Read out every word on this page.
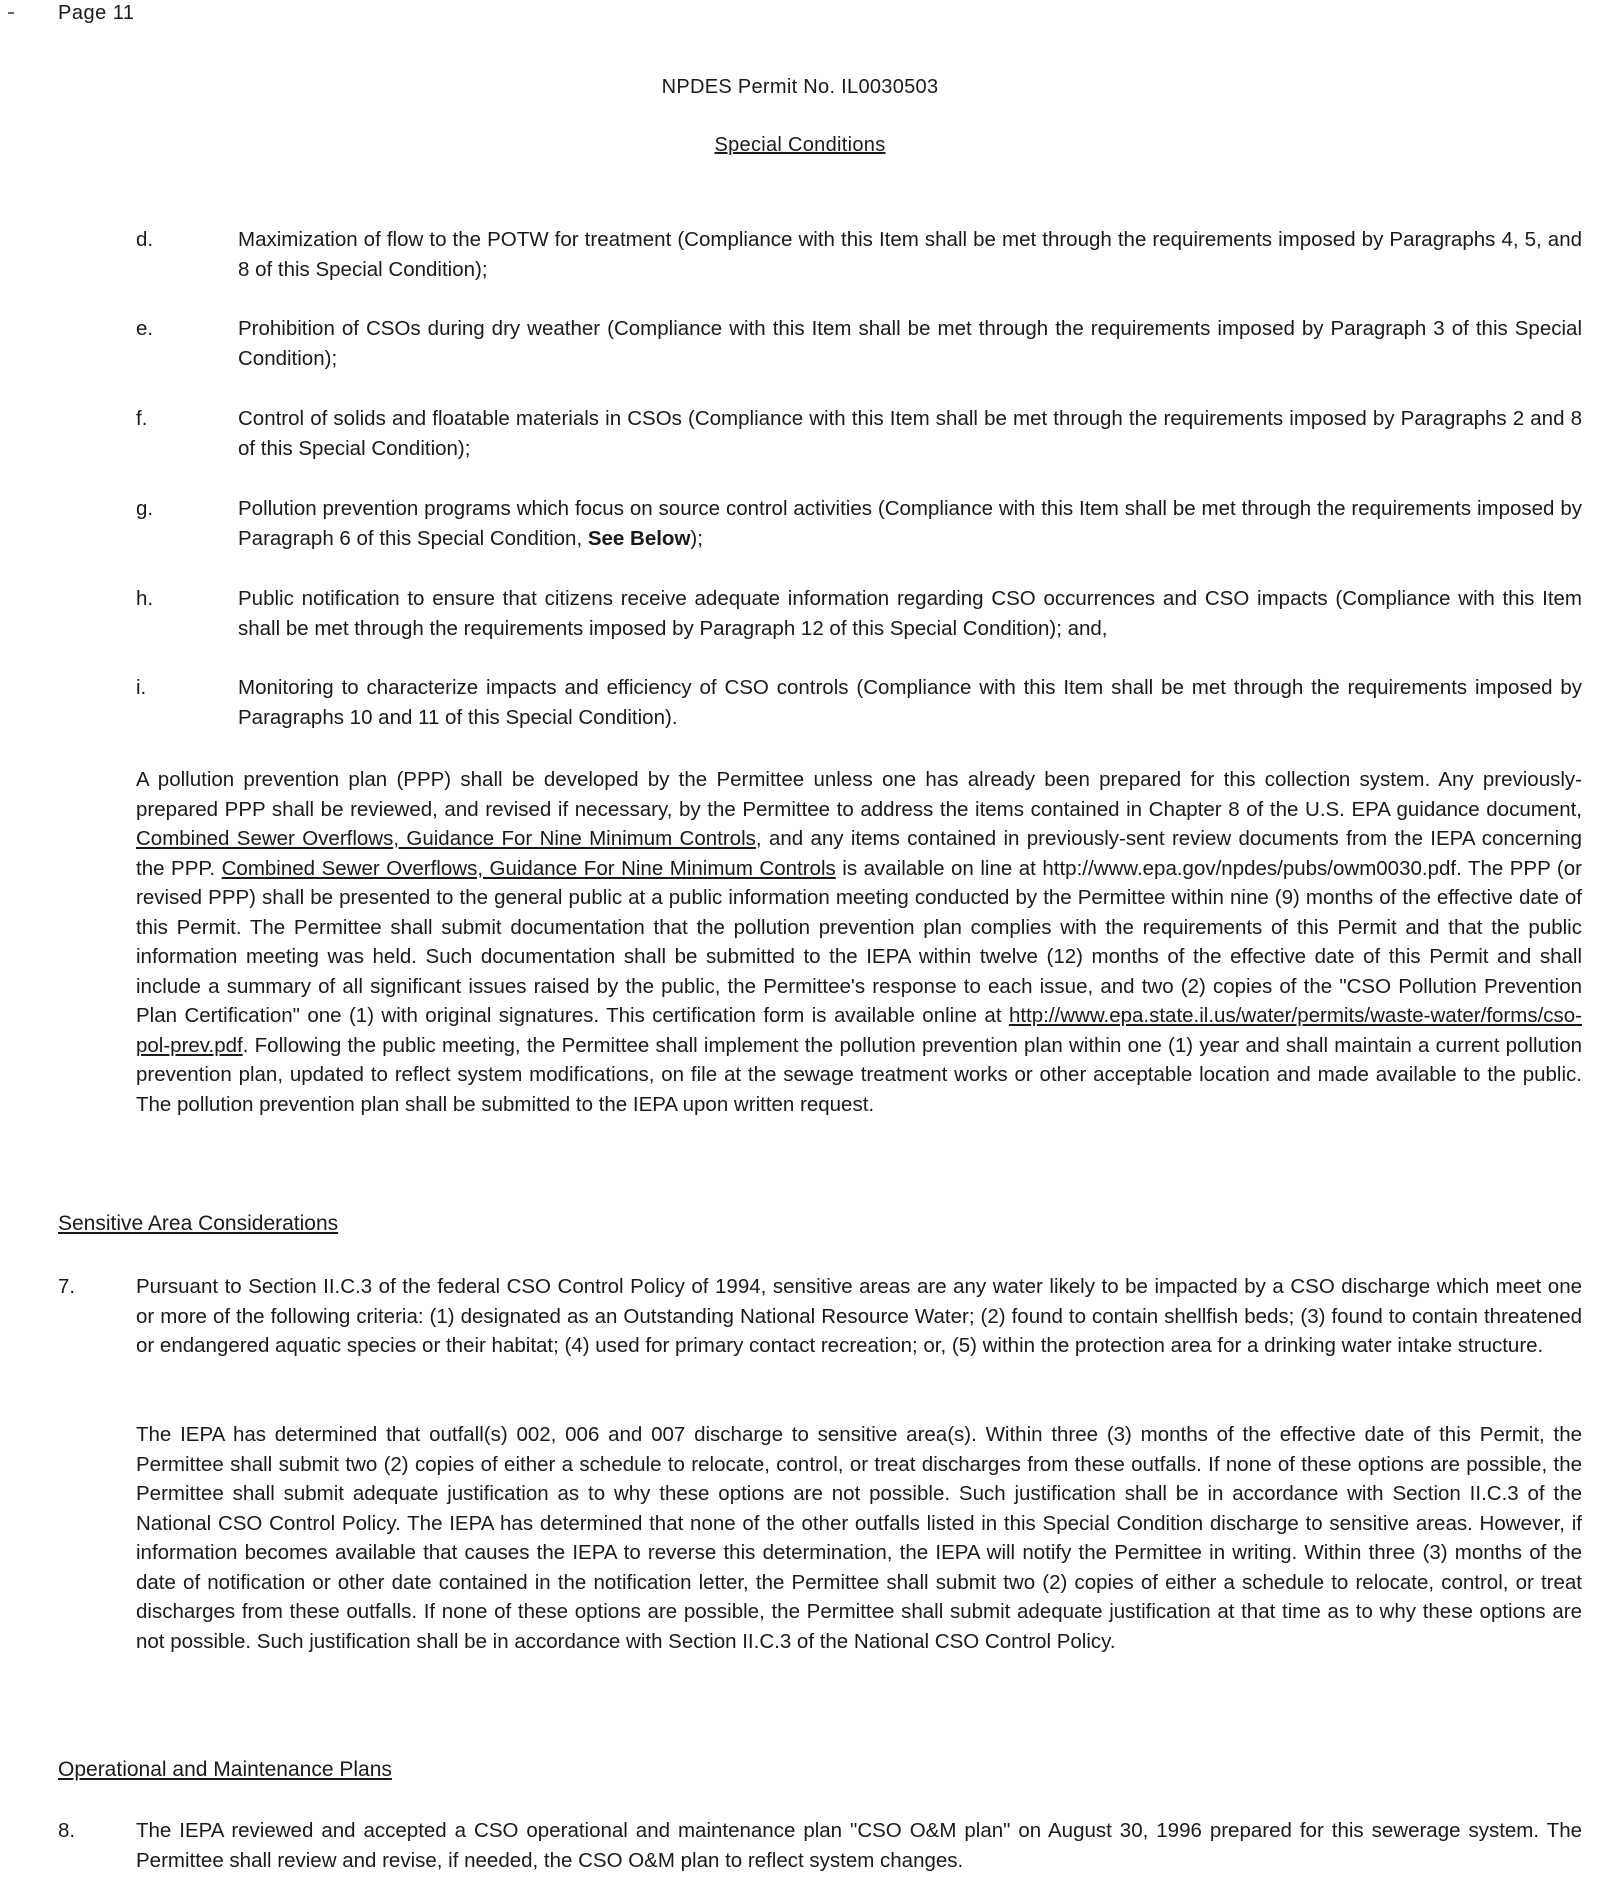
Page 11
NPDES Permit No. IL0030503
Special Conditions
d.	Maximization of flow to the POTW for treatment (Compliance with this Item shall be met through the requirements imposed by Paragraphs 4, 5, and 8 of this Special Condition);
e.	Prohibition of CSOs during dry weather (Compliance with this Item shall be met through the requirements imposed by Paragraph 3 of this Special Condition);
f.	Control of solids and floatable materials in CSOs (Compliance with this Item shall be met through the requirements imposed by Paragraphs 2 and 8 of this Special Condition);
g.	Pollution prevention programs which focus on source control activities (Compliance with this Item shall be met through the requirements imposed by Paragraph 6 of this Special Condition, See Below);
h.	Public notification to ensure that citizens receive adequate information regarding CSO occurrences and CSO impacts (Compliance with this Item shall be met through the requirements imposed by Paragraph 12 of this Special Condition); and,
i.	Monitoring to characterize impacts and efficiency of CSO controls (Compliance with this Item shall be met through the requirements imposed by Paragraphs 10 and 11 of this Special Condition).
A pollution prevention plan (PPP) shall be developed by the Permittee unless one has already been prepared for this collection system. Any previously-prepared PPP shall be reviewed, and revised if necessary, by the Permittee to address the items contained in Chapter 8 of the U.S. EPA guidance document, Combined Sewer Overflows, Guidance For Nine Minimum Controls, and any items contained in previously-sent review documents from the IEPA concerning the PPP. Combined Sewer Overflows, Guidance For Nine Minimum Controls is available on line at http://www.epa.gov/npdes/pubs/owm0030.pdf. The PPP (or revised PPP) shall be presented to the general public at a public information meeting conducted by the Permittee within nine (9) months of the effective date of this Permit. The Permittee shall submit documentation that the pollution prevention plan complies with the requirements of this Permit and that the public information meeting was held. Such documentation shall be submitted to the IEPA within twelve (12) months of the effective date of this Permit and shall include a summary of all significant issues raised by the public, the Permittee's response to each issue, and two (2) copies of the "CSO Pollution Prevention Plan Certification" one (1) with original signatures. This certification form is available online at http://www.epa.state.il.us/water/permits/waste-water/forms/cso-pol-prev.pdf. Following the public meeting, the Permittee shall implement the pollution prevention plan within one (1) year and shall maintain a current pollution prevention plan, updated to reflect system modifications, on file at the sewage treatment works or other acceptable location and made available to the public. The pollution prevention plan shall be submitted to the IEPA upon written request.
Sensitive Area Considerations
7.	Pursuant to Section II.C.3 of the federal CSO Control Policy of 1994, sensitive areas are any water likely to be impacted by a CSO discharge which meet one or more of the following criteria: (1) designated as an Outstanding National Resource Water; (2) found to contain shellfish beds; (3) found to contain threatened or endangered aquatic species or their habitat; (4) used for primary contact recreation; or, (5) within the protection area for a drinking water intake structure.
The IEPA has determined that outfall(s) 002, 006 and 007 discharge to sensitive area(s). Within three (3) months of the effective date of this Permit, the Permittee shall submit two (2) copies of either a schedule to relocate, control, or treat discharges from these outfalls. If none of these options are possible, the Permittee shall submit adequate justification as to why these options are not possible. Such justification shall be in accordance with Section II.C.3 of the National CSO Control Policy. The IEPA has determined that none of the other outfalls listed in this Special Condition discharge to sensitive areas. However, if information becomes available that causes the IEPA to reverse this determination, the IEPA will notify the Permittee in writing. Within three (3) months of the date of notification or other date contained in the notification letter, the Permittee shall submit two (2) copies of either a schedule to relocate, control, or treat discharges from these outfalls. If none of these options are possible, the Permittee shall submit adequate justification at that time as to why these options are not possible. Such justification shall be in accordance with Section II.C.3 of the National CSO Control Policy.
Operational and Maintenance Plans
8.	The IEPA reviewed and accepted a CSO operational and maintenance plan "CSO O&M plan" on August 30, 1996 prepared for this sewerage system. The Permittee shall review and revise, if needed, the CSO O&M plan to reflect system changes.
